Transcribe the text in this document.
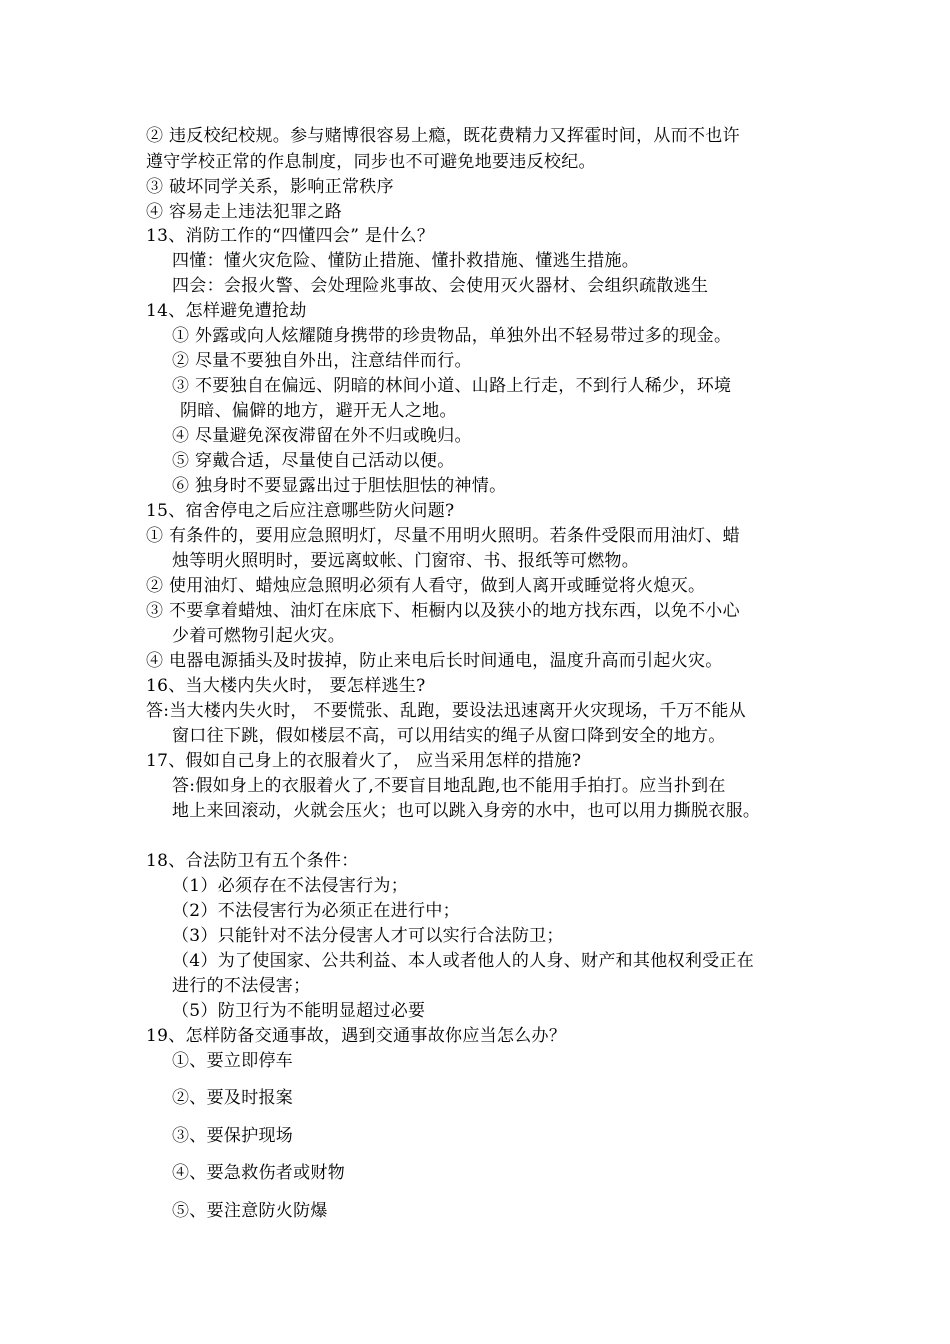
② 违反校纪校规。参与赌博很容易上瘾，既花费精力又挥霍时间，从而不也许
遵守学校正常的作息制度，同步也不可避免地要违反校纪。
③ 破坏同学关系，影响正常秩序
④ 容易走上违法犯罪之路
13、消防工作的“四懂四会” 是什么？
四懂：懂火灾危险、懂防止措施、懂扑救措施、懂逃生措施。
四会：会报火警、会处理险兆事故、会使用灭火器材、会组织疏散逃生
14、怎样避免遭抢劫
① 外露或向人炫耀随身携带的珍贵物品，单独外出不轻易带过多的现金。
② 尽量不要独自外出，注意结伴而行。
③ 不要独自在偏远、阴暗的林间小道、山路上行走，不到行人稀少，环境
阴暗、偏僻的地方，避开无人之地。
④ 尽量避免深夜滞留在外不归或晚归。
⑤ 穿戴合适，尽量使自己活动以便。
⑥ 独身时不要显露出过于胆怯胆怯的神情。
15、宿舍停电之后应注意哪些防火问题?
① 有条件的，要用应急照明灯，尽量不用明火照明。若条件受限而用油灯、蜡
烛等明火照明时，要远离蚊帐、门窗帘、书、报纸等可燃物。
② 使用油灯、蜡烛应急照明必须有人看守，做到人离开或睡觉将火熄灭。
③ 不要拿着蜡烛、油灯在床底下、柜橱内以及狭小的地方找东西，以免不小心
少着可燃物引起火灾。
④ 电器电源插头及时拔掉，防止来电后长时间通电，温度升高而引起火灾。
16、当大楼内失火时， 要怎样逃生?
答:当大楼内失火时， 不要慌张、乱跑，要设法迅速离开火灾现场，千万不能从
窗口往下跳，假如楼层不高，可以用结实的绳子从窗口降到安全的地方。
17、假如自己身上的衣服着火了， 应当采用怎样的措施?
答:假如身上的衣服着火了,不要盲目地乱跑,也不能用手拍打。应当扑到在
地上来回滚动，火就会压火；也可以跳入身旁的水中，也可以用力撕脱衣服。
18、合法防卫有五个条件：
（1）必须存在不法侵害行为；
（2）不法侵害行为必须正在进行中；
（3）只能针对不法分侵害人才可以实行合法防卫；
（4）为了使国家、公共利益、本人或者他人的人身、财产和其他权利受正在
进行的不法侵害；
（5）防卫行为不能明显超过必要
19、怎样防备交通事故，遇到交通事故你应当怎么办？
①、要立即停车
②、要及时报案
③、要保护现场
④、要急救伤者或财物
⑤、要注意防火防爆
